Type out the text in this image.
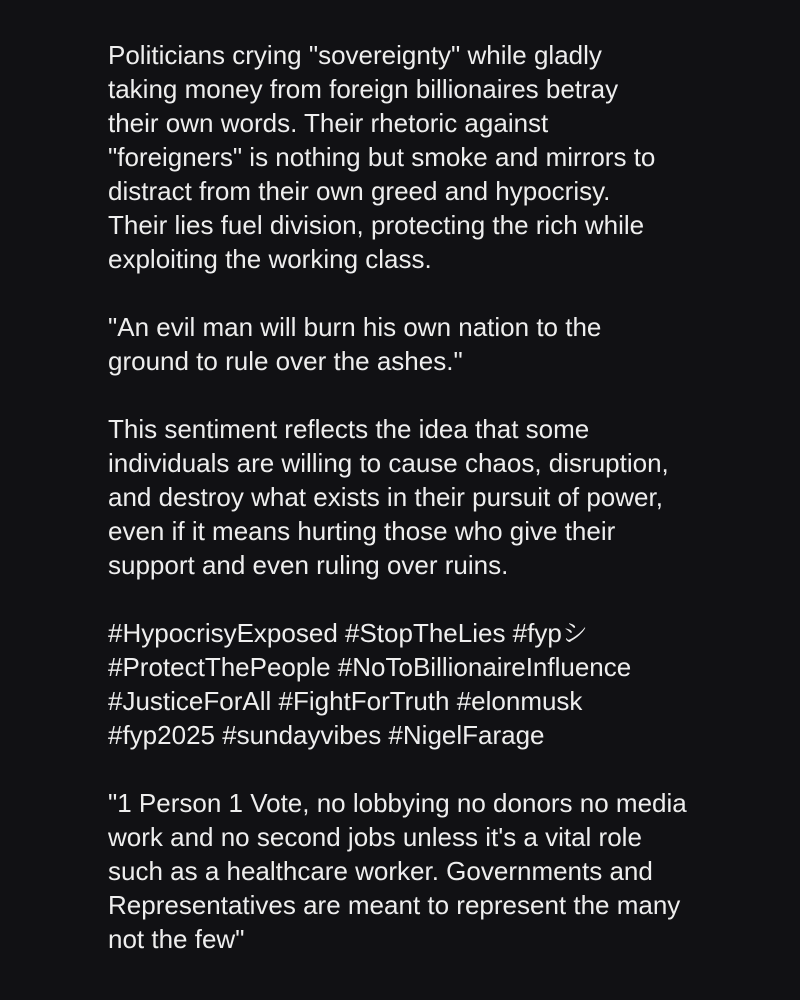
Politicians crying "sovereignty" while gladly
taking money from foreign billionaires betray
their own words. Their rhetoric against
"foreigners" is nothing but smoke and mirrors to
distract from their own greed and hypocrisy.
Their lies fuel division, protecting the rich while
exploiting the working class.
"An evil man will burn his own nation to the
ground to rule over the ashes."
This sentiment reflects the idea that some
individuals are willing to cause chaos, disruption,
and destroy what exists in their pursuit of power,
even if it means hurting those who give their
support and even ruling over ruins.
#HypocrisyExposed #StopTheLies #fypシ
#ProtectThePeople #NoToBillionaireInfluence
#JusticeForAll #FightForTruth #elonmusk
#fyp2025 #sundayvibes #NigelFarage
"1 Person 1 Vote, no lobbying no donors no media
work and no second jobs unless it's a vital role
such as a healthcare worker. Governments and
Representatives are meant to represent the many
not the few"
